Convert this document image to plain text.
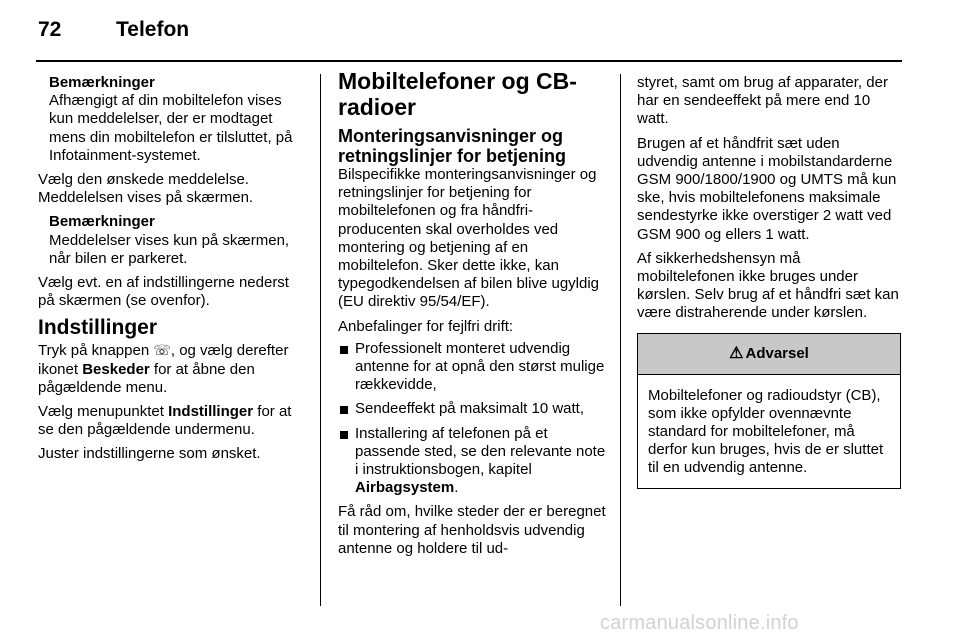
72	Telefon
Bemærkninger
Afhængigt af din mobiltelefon vises kun meddelelser, der er modtaget mens din mobiltelefon er tilsluttet, på Infotainment-systemet.

Vælg den ønskede meddelelse. Meddelelsen vises på skærmen.

Bemærkninger
Meddelelser vises kun på skærmen, når bilen er parkeret.

Vælg evt. en af indstillingerne nederst på skærmen (se ovenfor).

Indstillinger

Tryk på knappen ☏, og vælg derefter ikonet Beskeder for at åbne den pågældende menu.

Vælg menupunktet Indstillinger for at se den pågældende undermenu.

Juster indstillingerne som ønsket.

Mobiltelefoner og CB-radioer
Monteringsanvisninger og retningslinjer for betjening

Bilspecifikke monteringsanvisninger og retningslinjer for betjening for mobiltelefonen og fra håndfri-producenten skal overholdes ved montering og betjening af en mobiltelefon. Sker dette ikke, kan typegodkendelsen af bilen blive ugyldig (EU direktiv 95/54/EF).

Anbefalinger for fejlfri drift:

Professionelt monteret udvendig antenne for at opnå den størst mulige rækkevidde,
Sendeeffekt på maksimalt 10 watt,
Installering af telefonen på et passende sted, se den relevante note i instruktionsbogen, kapitel Airbagsystem.

Få råd om, hvilke steder der er beregnet til montering af henholdsvis udvendig antenne og holdere til ud-

styret, samt om brug af apparater, der har en sendeeffekt på mere end 10 watt.

Brugen af et håndfrit sæt uden udvendig antenne i mobilstandarderne GSM 900/1800/1900 og UMTS må kun ske, hvis mobiltelefonens maksimale sendestyrke ikke overstiger 2 watt ved GSM 900 og ellers 1 watt.

Af sikkerhedshensyn må mobiltelefonen ikke bruges under kørslen. Selv brug af et håndfri sæt kan være distraherende under kørslen.

⚠ Advarsel
Mobiltelefoner og radioudstyr (CB), som ikke opfylder ovennævnte standard for mobiltelefoner, må derfor kun bruges, hvis de er sluttet til en udvendig antenne.
carmanualsonline.info
